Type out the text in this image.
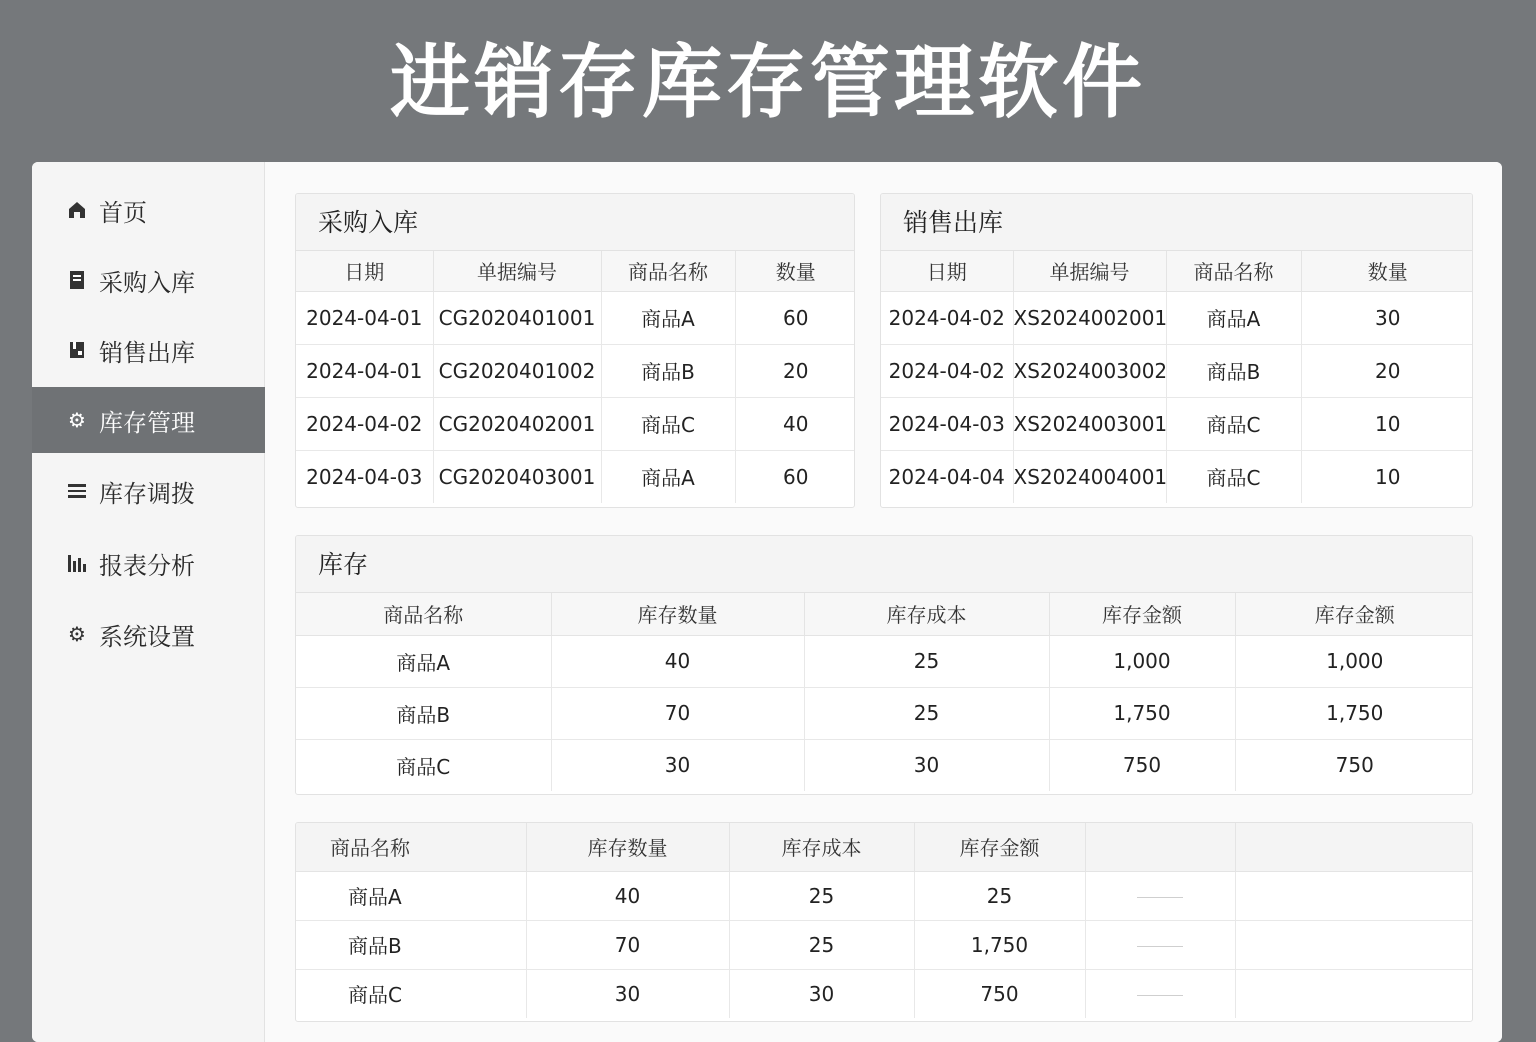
进销存库存管理软件
首页
采购入库
销售出库
⚙ 库存管理
库存调拨
报表分析
⚙ 系统设置
采购入库
日期	单据编号	商品名称	数量
2024-04-01	CG2020401001	商品A	60
2024-04-01	CG2020401002	商品B	20
2024-04-02	CG2020402001	商品C	40
2024-04-03	CG2020403001	商品A	60
销售出库
日期	单据编号	商品名称	数量
2024-04-02	XS2024002001	商品A	30
2024-04-02	XS2024003002	商品B	20
2024-04-03	XS2024003001	商品C	10
2024-04-04	XS2024004001	商品C	10
库存
商品名称	库存数量	库存成本	库存金额	库存金额
商品A	40	25	1,000	1,000
商品B	70	25	1,750	1,750
商品C	30	30	750	750
商品名称	库存数量	库存成本	库存金额		
商品A	40	25	25		
商品B	70	25	1,750		
商品C	30	30	750		
